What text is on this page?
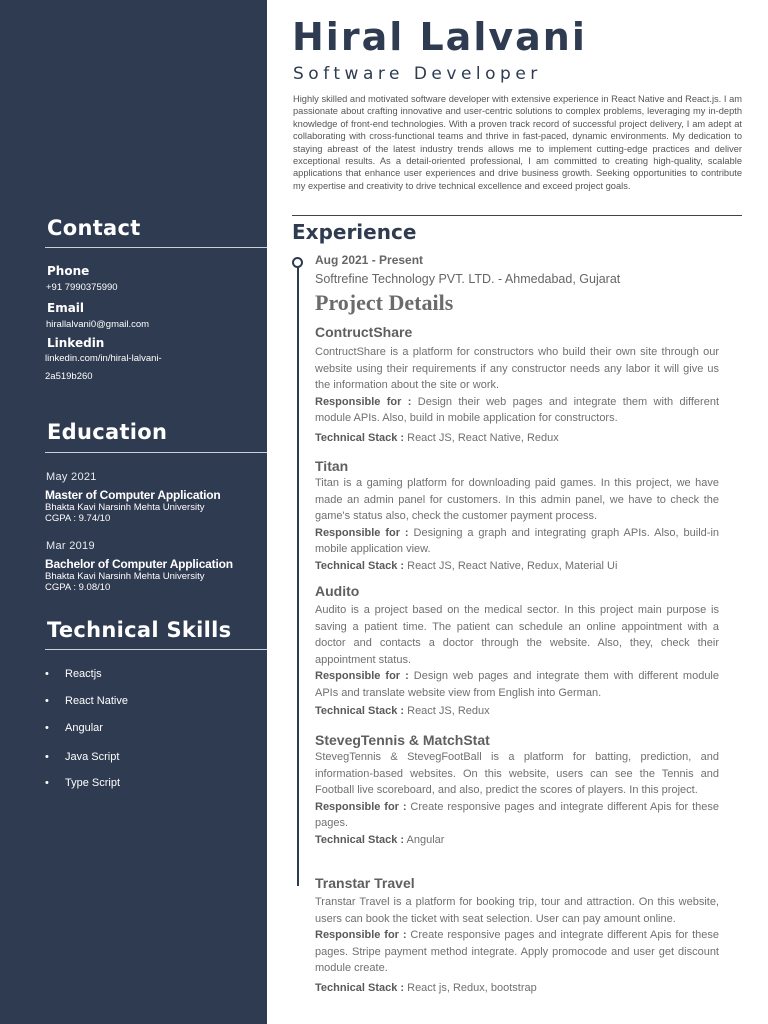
Contact
Phone
+91 7990375990
Email
hirallalvani0@gmail.com
Linkedin
linkedin.com/in/hiral-lalvani-
2a519b260
Education
May 2021
Master of Computer Application
Bhakta Kavi Narsinh Mehta University
CGPA : 9.74/10
Mar 2019
Bachelor of Computer Application
Bhakta Kavi Narsinh Mehta University
CGPA : 9.08/10
Technical Skills
• Reactjs
• React Native
• Angular
• Java Script
• Type Script
Hiral Lalvani
Software Developer

Highly skilled and motivated software developer with extensive experience in React Native and React.js. I am passionate about crafting innovative and user-centric solutions to complex problems, leveraging my in-depth knowledge of front-end technologies. With a proven track record of successful project delivery, I am adept at collaborating with cross-functional teams and thrive in fast-paced, dynamic environments. My dedication to staying abreast of the latest industry trends allows me to implement cutting-edge practices and deliver exceptional results. As a detail-oriented professional, I am committed to creating high-quality, scalable applications that enhance user experiences and drive business growth. Seeking opportunities to contribute my expertise and creativity to drive technical excellence and exceed project goals.

Experience
Aug 2021 - Present
Softrefine Technology PVT. LTD. - Ahmedabad, Gujarat
Project Details
ContructShare
ContructShare is a platform for constructors who build their own site through our website using their requirements if any constructor needs any labor it will give us the information about the site or work.
Responsible for : Design their web pages and integrate them with different module APIs. Also, build in mobile application for constructors.
Technical Stack : React JS, React Native, Redux
Titan
Titan is a gaming platform for downloading paid games. In this project, we have made an admin panel for customers. In this admin panel, we have to check the game's status also, check the customer payment process.
Responsible for : Designing a graph and integrating graph APIs. Also, build-in mobile application view.
Technical Stack : React JS, React Native, Redux, Material Ui
Audito
Audito is a project based on the medical sector. In this project main purpose is saving a patient time. The patient can schedule an online appointment with a doctor and contacts a doctor through the website. Also, they, check their appointment status.
Responsible for : Design web pages and integrate them with different module APIs and translate website view from English into German.
Technical Stack : React JS, Redux
StevegTennis & MatchStat
StevegTennis & StevegFootBall is a platform for batting, prediction, and information-based websites. On this website, users can see the Tennis and Football live scoreboard, and also, predict the scores of players. In this project.
Responsible for : Create responsive pages and integrate different Apis for these pages.
Technical Stack : Angular
Transtar Travel
Transtar Travel is a platform for booking trip, tour and attraction. On this website, users can book the ticket with seat selection. User can pay amount online.
Responsible for : Create responsive pages and integrate different Apis for these pages. Stripe payment method integrate. Apply promocode and user get discount module create.
Technical Stack : React js, Redux, bootstrap
